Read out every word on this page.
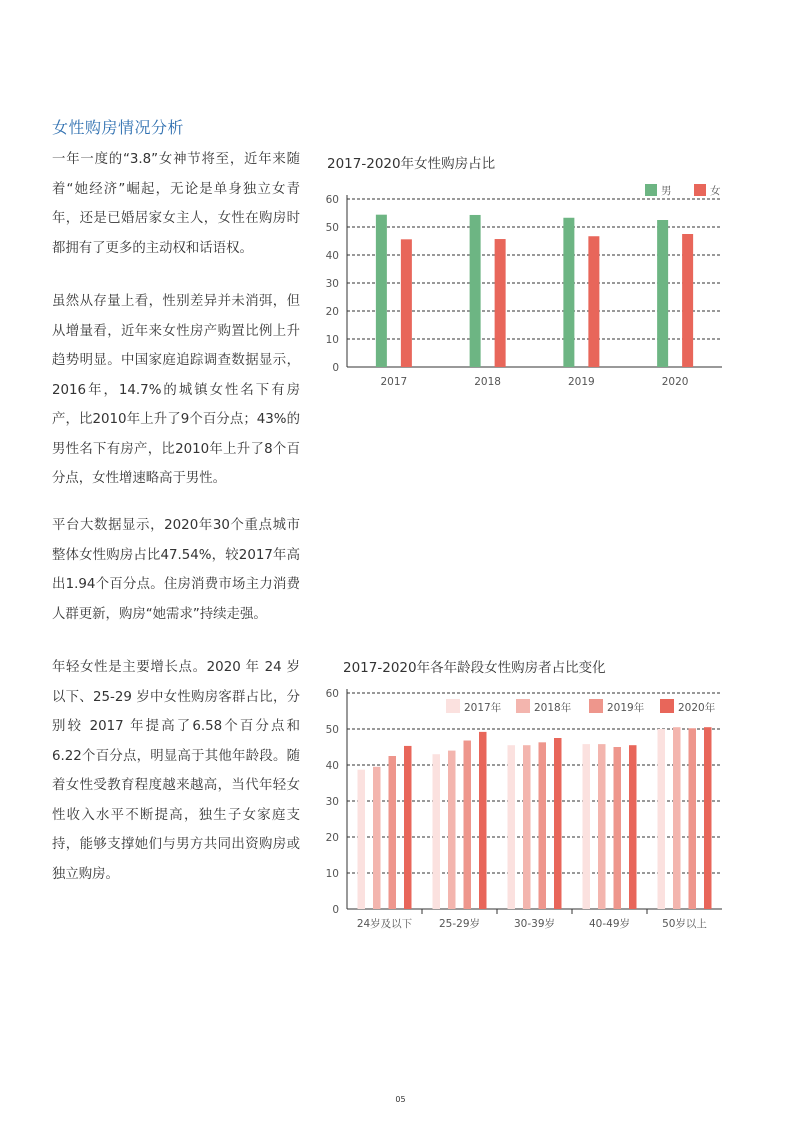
女性购房情况分析
一年一度的“3.8”女神节将至，近年来随着“她经济”崛起，无论是单身独立女青年，还是已婚居家女主人，女性在购房时都拥有了更多的主动权和话语权。
虽然从存量上看，性别差异并未消弭，但从增量看，近年来女性房产购置比例上升趋势明显。中国家庭追踪调查数据显示，2016年，14.7%的城镇女性名下有房产，比2010年上升了9个百分点；43%的男性名下有房产，比2010年上升了8个百分点，女性增速略高于男性。
平台大数据显示，2020年30个重点城市整体女性购房占比47.54%，较2017年高出1.94个百分点。住房消费市场主力消费人群更新，购房“她需求”持续走强。
年轻女性是主要增长点。2020 年 24 岁以下、25-29 岁中女性购房客群占比，分别较 2017 年提高了6.58个百分点和6.22个百分点，明显高于其他年龄段。随着女性受教育程度越来越高，当代年轻女性收入水平不断提高，独生子女家庭支持，能够支撑她们与男方共同出资购房或独立购房。
2017-2020年女性购房占比
2017-2020年各年龄段女性购房者占比变化
0
10
20
30
40
50
60
2017	2018	2019	2020
男	女
0
10
20
30
40
50
60
24岁及以下	25-29岁	30-39岁	40-49岁	50岁以上
2017年	2018年	2019年	2020年
05
